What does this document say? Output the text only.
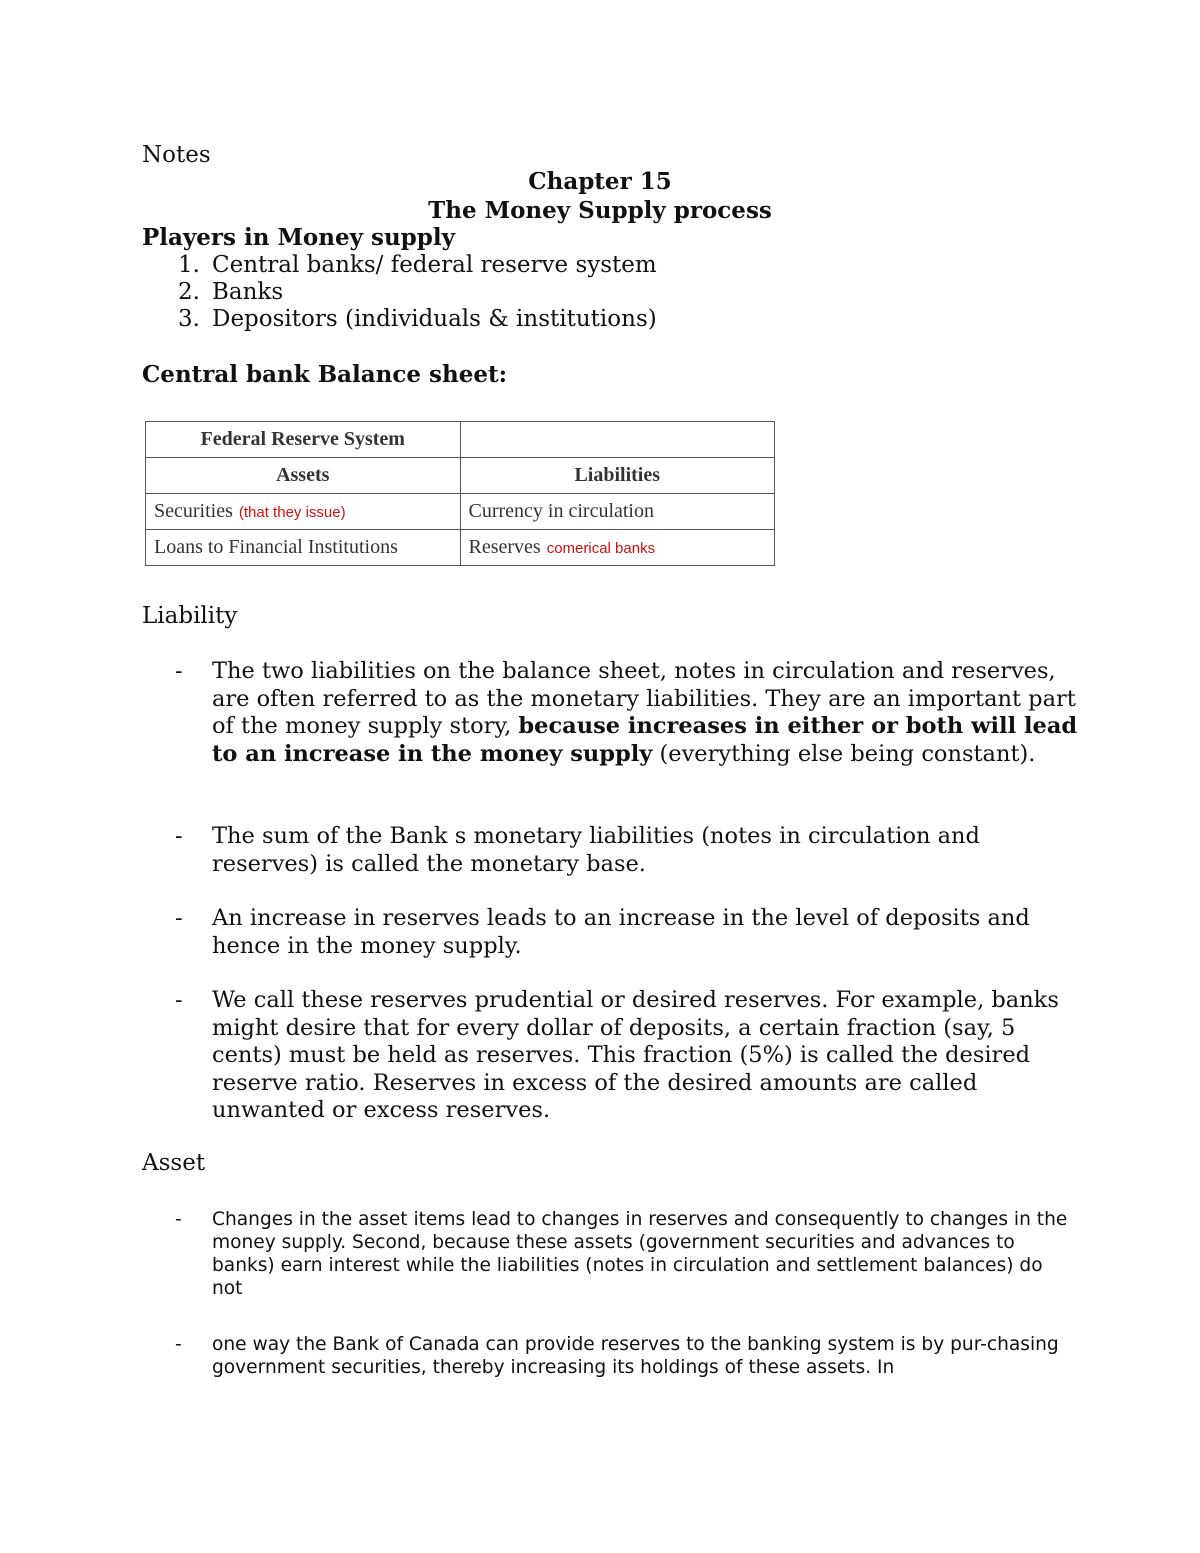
Notes
Chapter 15
The Money Supply process
Players in Money supply
1. Central banks/ federal reserve system
2. Banks
3. Depositors (individuals & institutions)
Central bank Balance sheet:
Federal Reserve System	
Assets	Liabilities
Securities (that they issue)	Currency in circulation
Loans to Financial Institutions	Reserves comerical banks
Liability
- The two liabilities on the balance sheet, notes in circulation and reserves, are often referred to as the monetary liabilities. They are an important part of the money supply story, because increases in either or both will lead to an increase in the money supply (everything else being constant).
- The sum of the Bank s monetary liabilities (notes in circulation and reserves) is called the monetary base.
- An increase in reserves leads to an increase in the level of deposits and hence in the money supply.
- We call these reserves prudential or desired reserves. For example, banks might desire that for every dollar of deposits, a certain fraction (say, 5 cents) must be held as reserves. This fraction (5%) is called the desired reserve ratio. Reserves in excess of the desired amounts are called unwanted or excess reserves.
Asset
- Changes in the asset items lead to changes in reserves and consequently to changes in the money supply. Second, because these assets (government securities and advances to banks) earn interest while the liabilities (notes in circulation and settlement balances) do not
- one way the Bank of Canada can provide reserves to the banking system is by pur-chasing government securities, thereby increasing its holdings of these assets. In
